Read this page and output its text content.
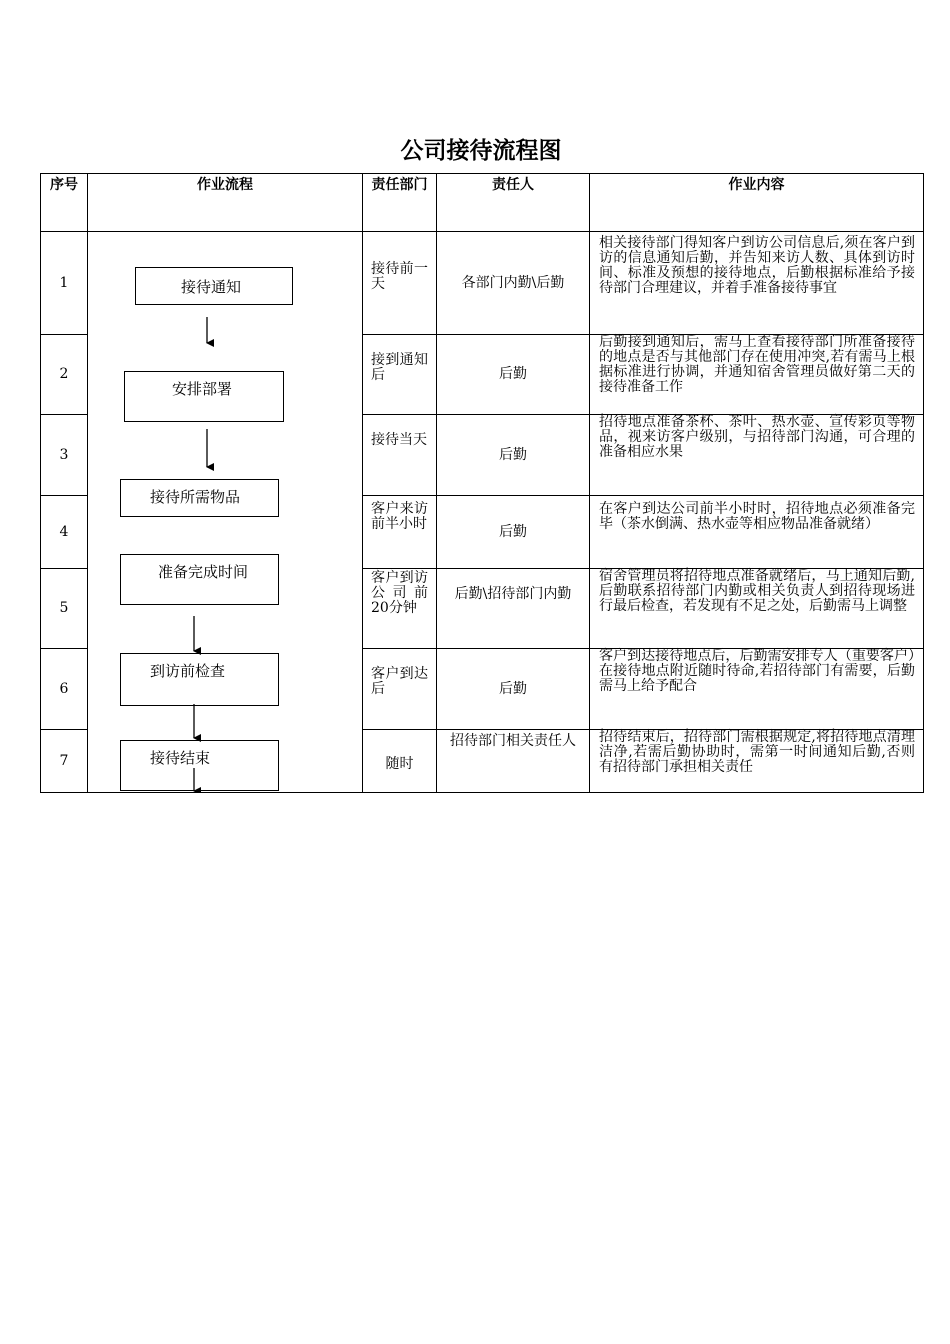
公司接待流程图
序号	作业流程	责任部门	责任人	作业内容
1		接待前一天	各部门内勤\后勤	相关接待部门得知客户到访公司信息后,须在客户到访的信息通知后勤，并告知来访人数、具体到访时间、标准及预想的接待地点，后勤根据标准给予接待部门合理建议，并着手准备接待事宜
2		接到通知后	后勤	后勤接到通知后，需马上查看接待部门所准备接待的地点是否与其他部门存在使用冲突,若有需马上根据标准进行协调，并通知宿舍管理员做好第二天的接待准备工作
3		接待当天	后勤	招待地点准备茶杯、茶叶、热水壶、宣传彩页等物品，视来访客户级别，与招待部门沟通，可合理的准备相应水果
4		客户来访前半小时	后勤	在客户到达公司前半小时时，招待地点必须准备完毕（茶水倒满、热水壶等相应物品准备就绪）
5		客户到访公司前20分钟	后勤\招待部门内勤	宿舍管理员将招待地点准备就绪后，马上通知后勤,后勤联系招待部门内勤或相关负责人到招待现场进行最后检查，若发现有不足之处，后勤需马上调整
6		客户到达后	后勤	客户到达接待地点后，后勤需安排专人（重要客户）在接待地点附近随时待命,若招待部门有需要，后勤需马上给予配合
7		随时	招待部门相关责任人	招待结束后，招待部门需根据规定,将招待地点清理洁净,若需后勤协助时，需第一时间通知后勤,否则有招待部门承担相关责任
接待通知
安排部署
接待所需物品
准备完成时间
到访前检查
接待结束
